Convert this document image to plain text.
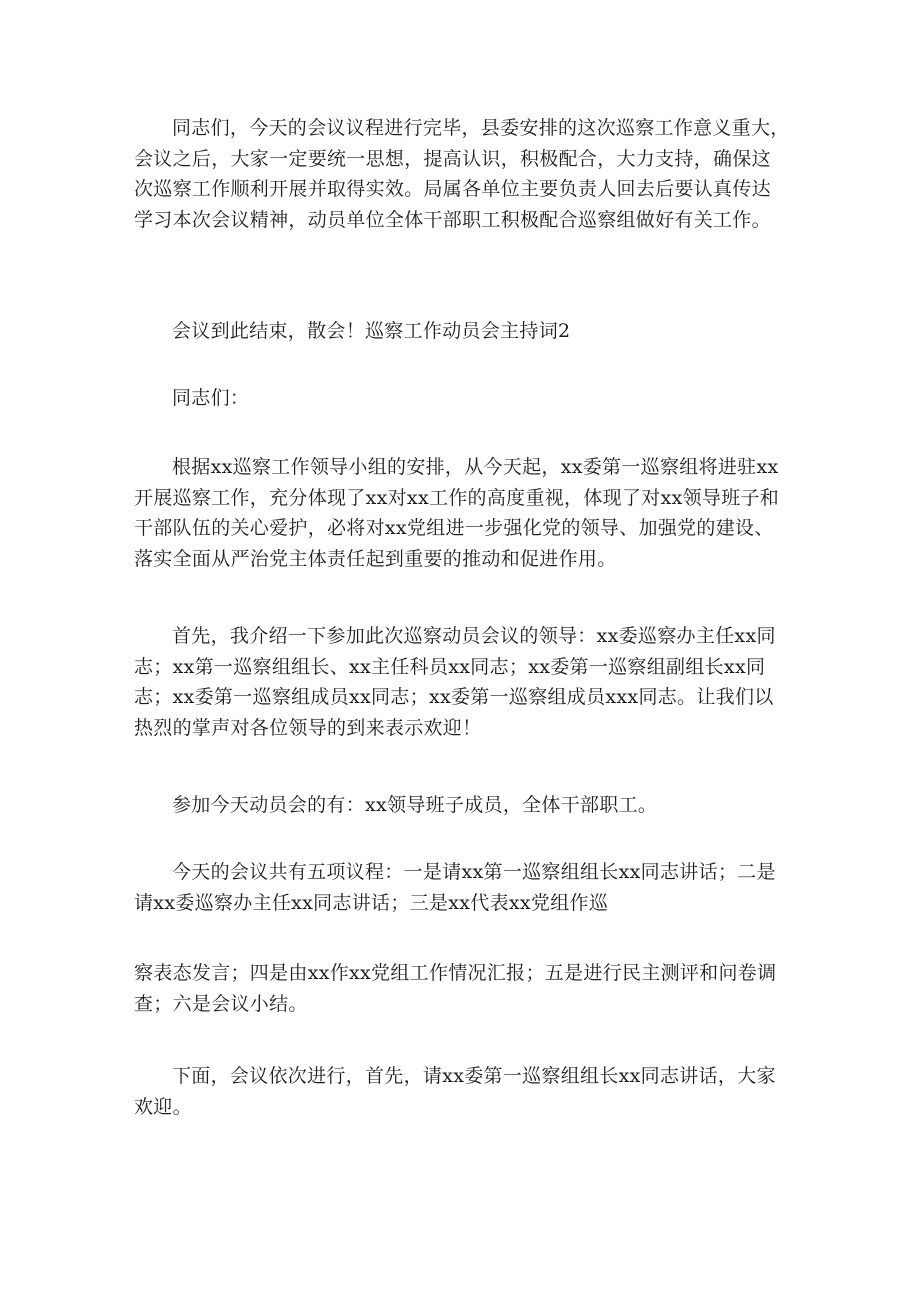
同志们，今天的会议议程进行完毕，县委安排的这次巡察工作意义重大，会议之后，大家一定要统一思想，提高认识，积极配合，大力支持，确保这次巡察工作顺利开展并取得实效。局属各单位主要负责人回去后要认真传达学习本次会议精神，动员单位全体干部职工积极配合巡察组做好有关工作。

会议到此结束，散会！巡察工作动员会主持词2

同志们：

根据xx巡察工作领导小组的安排，从今天起，xx委第一巡察组将进驻xx开展巡察工作，充分体现了xx对xx工作的高度重视，体现了对xx领导班子和干部队伍的关心爱护，必将对xx党组进一步强化党的领导、加强党的建设、落实全面从严治党主体责任起到重要的推动和促进作用。

首先，我介绍一下参加此次巡察动员会议的领导：xx委巡察办主任xx同志；xx第一巡察组组长、xx主任科员xx同志；xx委第一巡察组副组长xx同志；xx委第一巡察组成员xx同志；xx委第一巡察组成员xxx同志。让我们以热烈的掌声对各位领导的到来表示欢迎！

参加今天动员会的有：xx领导班子成员，全体干部职工。

今天的会议共有五项议程：一是请xx第一巡察组组长xx同志讲话；二是请xx委巡察办主任xx同志讲话；三是xx代表xx党组作巡

察表态发言；四是由xx作xx党组工作情况汇报；五是进行民主测评和问卷调查；六是会议小结。

下面，会议依次进行，首先，请xx委第一巡察组组长xx同志讲话，大家欢迎。
